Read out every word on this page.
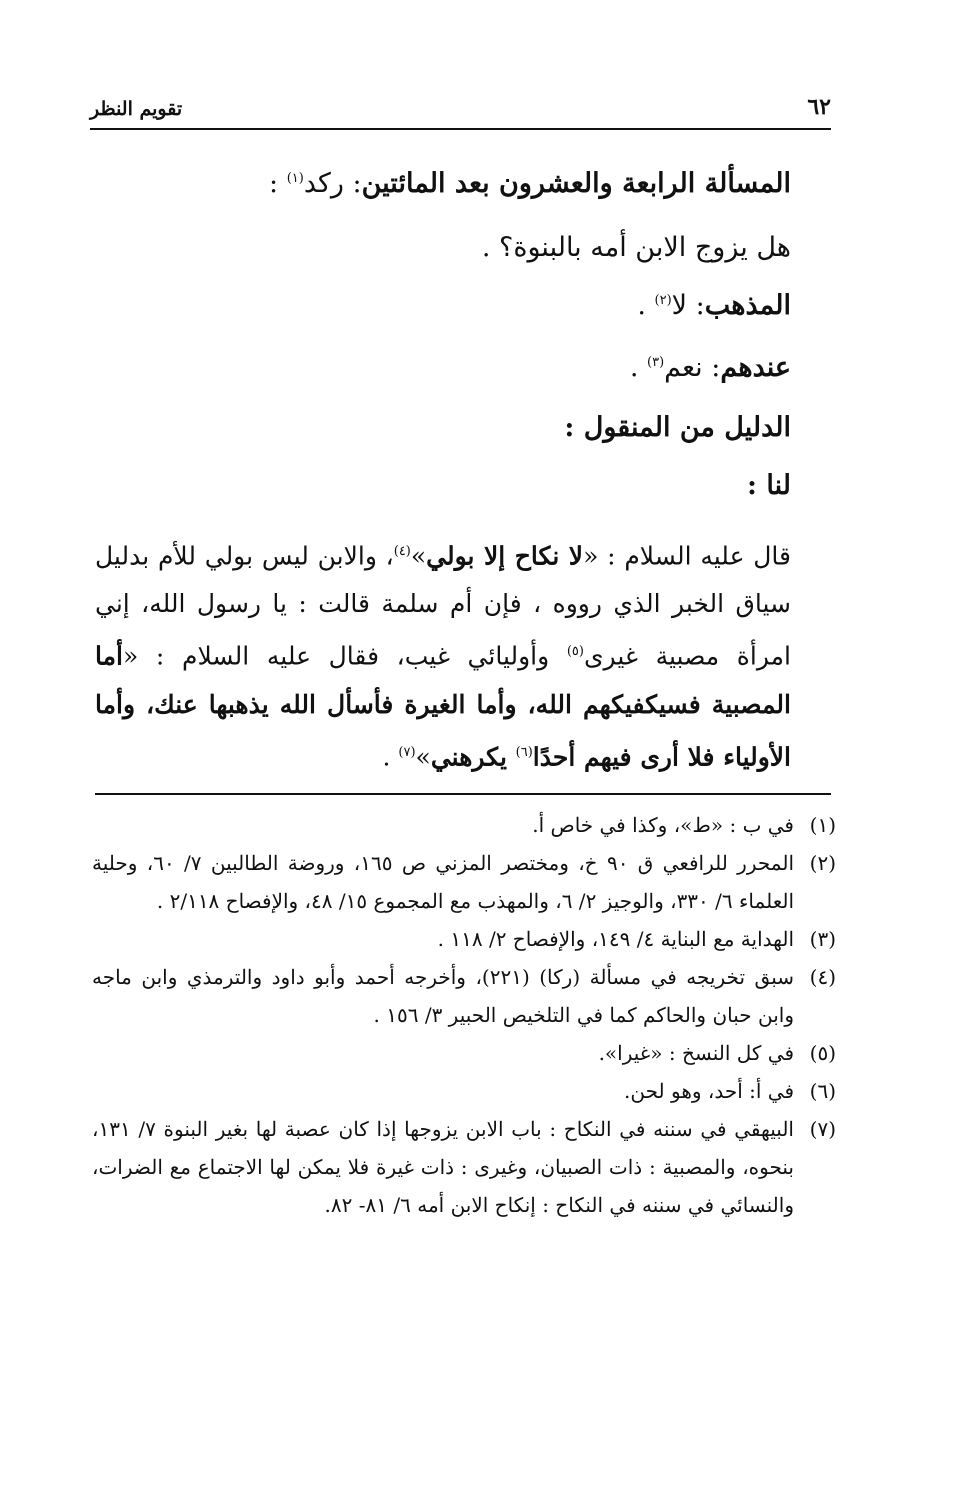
تقويم النظر	٦٢
المسألة الرابعة والعشرون بعد المائتين: ركد$^{(١)}$ :
هل يزوج الابن أمه بالبنوة؟ .
المذهب: لا$^{(٢)}$ .
عندهم: نعم$^{(٣)}$ .
الدليل من المنقول :
لنا :

قال عليه السلام : «لا نكاح إلا بولي»$^{(٤)}$، والابن ليس بولي للأم بدليل سياق الخبر الذي رووه ، فإن أم سلمة قالت : يا رسول الله، إني امرأة مصبية غيرى$^{(٥)}$ وأوليائي غيب، فقال عليه السلام : «أما المصبية فسيكفيكهم الله، وأما الغيرة فأسأل الله يذهبها عنك، وأما الأولياء فلا أرى فيهم أحدًا$^{(٦)}$ يكرهني»$^{(٧)}$ .

(١)
في ب : «ط»، وكذا في خاص أ.
(٢)
المحرر للرافعي ق ٩٠ خ، ومختصر المزني ص ١٦٥، وروضة الطالبين ٧/ ٦٠، وحلية العلماء ٦/ ٣٣٠، والوجيز ٢/ ٦، والمهذب مع المجموع ١٥/ ٤٨، والإفصاح ٢/١١٨ .
(٣)
الهداية مع البناية ٤/ ١٤٩، والإفصاح ٢/ ١١٨ .
(٤)
سبق تخريجه في مسألة (ركا) (٢٢١)، وأخرجه أحمد وأبو داود والترمذي وابن ماجه وابن حبان والحاكم كما في التلخيص الحبير ٣/ ١٥٦ .
(٥)
في كل النسخ : «غيرا».
(٦)
في أ: أحد، وهو لحن.
(٧)
البيهقي في سننه في النكاح : باب الابن يزوجها إذا كان عصبة لها بغير البنوة ٧/ ١٣١، بنحوه، والمصبية : ذات الصبيان، وغيرى : ذات غيرة فلا يمكن لها الاجتماع مع الضرات، والنسائي في سننه في النكاح : إنكاح الابن أمه ٦/ ٨١- ٨٢.
